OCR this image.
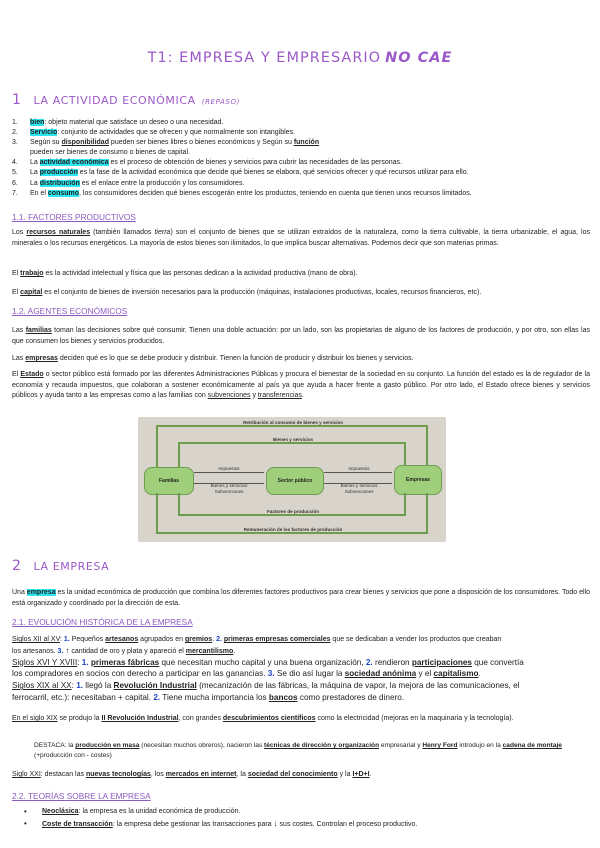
T1: EMPRESA Y EMPRESARIO NO CAE
1 LA ACTIVIDAD ECONÓMICA (REPASO)
1. bien: objeto material que satisface un deseo o una necesidad.
2. Servicio: conjunto de actividades que se ofrecen y que normalmente son intangibles.
3. Según su disponibilidad pueden ser bienes libres o bienes económicos y Según su función
pueden ser bienes de consumo o bienes de capital.
4. La actividad económica es el proceso de obtención de bienes y servicios para cubrir las necesidades de las personas.
5. La producción es la fase de la actividad económica que decide qué bienes se elabora, qué servicios ofrecer y qué recursos utilizar para ello.
6. La distribución es el enlace entre la producción y los consumidores.
7. En el consumo, los consumidores deciden qué bienes escogerán entre los productos, teniendo en cuenta que tienen unos recursos limitados.
1.1. FACTORES PRODUCTIVOS

Los recursos naturales (también llamados tierra) son el conjunto de bienes que se utilizan extraídos de la naturaleza, como la tierra cultivable, la tierra urbanizable, el agua, los minerales o los recursos energéticos. La mayoría de estos bienes son ilimitados, lo que implica buscar alternativas. Podemos decir que son materias primas.

El trabajo es la actividad intelectual y física que las personas dedican a la actividad productiva (mano de obra).

El capital es el conjunto de bienes de inversión necesarios para la producción (máquinas, instalaciones productivas, locales, recursos financieros, etc).

1.2. AGENTES ECONÓMICOS

Las familias toman las decisiones sobre qué consumir. Tienen una doble actuación: por un lado, son las propietarias de alguno de los factores de producción, y por otro, son ellas las que consumen los bienes y servicios producidos.

Las empresas deciden qué es lo que se debe producir y distribuir. Tienen la función de producir y distribuir los bienes y servicios.

El Estado o sector público está formado por las diferentes Administraciones Públicas y procura el bienestar de la sociedad en su conjunto. La función del estado es la de regulador de la economía y recauda impuestos, que colaboran a sostener económicamente al país ya que ayuda a hacer frente a gasto público. Por otro lado, el Estado ofrece bienes y servicios públicos y ayuda tanto a las empresas como a las familias con subvenciones y transferencias.

Retribución al consumo de bienes y servicios
Bienes y servicios
Familias	Sector público	Empresas
Impuestos
Bienes y servicios
Subvenciones
Impuestos
Bienes y servicios
Subvenciones
Factores de producción
Remuneración de los factores de producción
2 LA EMPRESA

Una empresa es la unidad económica de producción que combina los diferentes factores productivos para crear bienes y servicios que pone a disposición de los consumidores. Todo ello está organizado y coordinado por la dirección de esta.

2.1. EVOLUCIÓN HISTÓRICA DE LA EMPRESA

Siglos XII al XV: 1. Pequeños artesanos agrupados en gremios. 2. primeras empresas comerciales que se dedicaban a vender los productos que creaban
los artesanos. 3. ↑ cantidad de oro y plata y apareció el mercantilismo.
Siglos XVI Y XVIII: 1. primeras fábricas que necesitan mucho capital y una buena organización, 2. rendieron participaciones que convertía
los compradores en socios con derecho a participar en las ganancias. 3. Se dio así lugar la sociedad anónima y el capitalismo.
Siglos XIX al XX: 1. llegó la Revolución Industrial (mecanización de las fábricas, la máquina de vapor, la mejora de las comunicaciones, el
ferrocarril, etc.): necesitaban + capital. 2. Tiene mucha importancia los bancos como prestadores de dinero.

En el siglo XIX se produjo la II Revolución Industrial, con grandes descubrimientos científicos como la electricidad (mejoras en la maquinaria y la tecnología).

DESTACA: la producción en masa (necesitan muchos obreros), nacieron las técnicas de dirección y organización empresarial y Henry Ford introdujo en la cadena de montaje (+producción con - costes)

Siglo XXI: destacan las nuevas tecnologías, los mercados en internet, la sociedad del conocimiento y la I+D+I.

2.2. TEORÍAS SOBRE LA EMPRESA
• Neoclásica: la empresa es la unidad económica de producción.
• Coste de transacción: la empresa debe gestionar las transacciones para ↓ sus costes. Controlan el proceso productivo.
